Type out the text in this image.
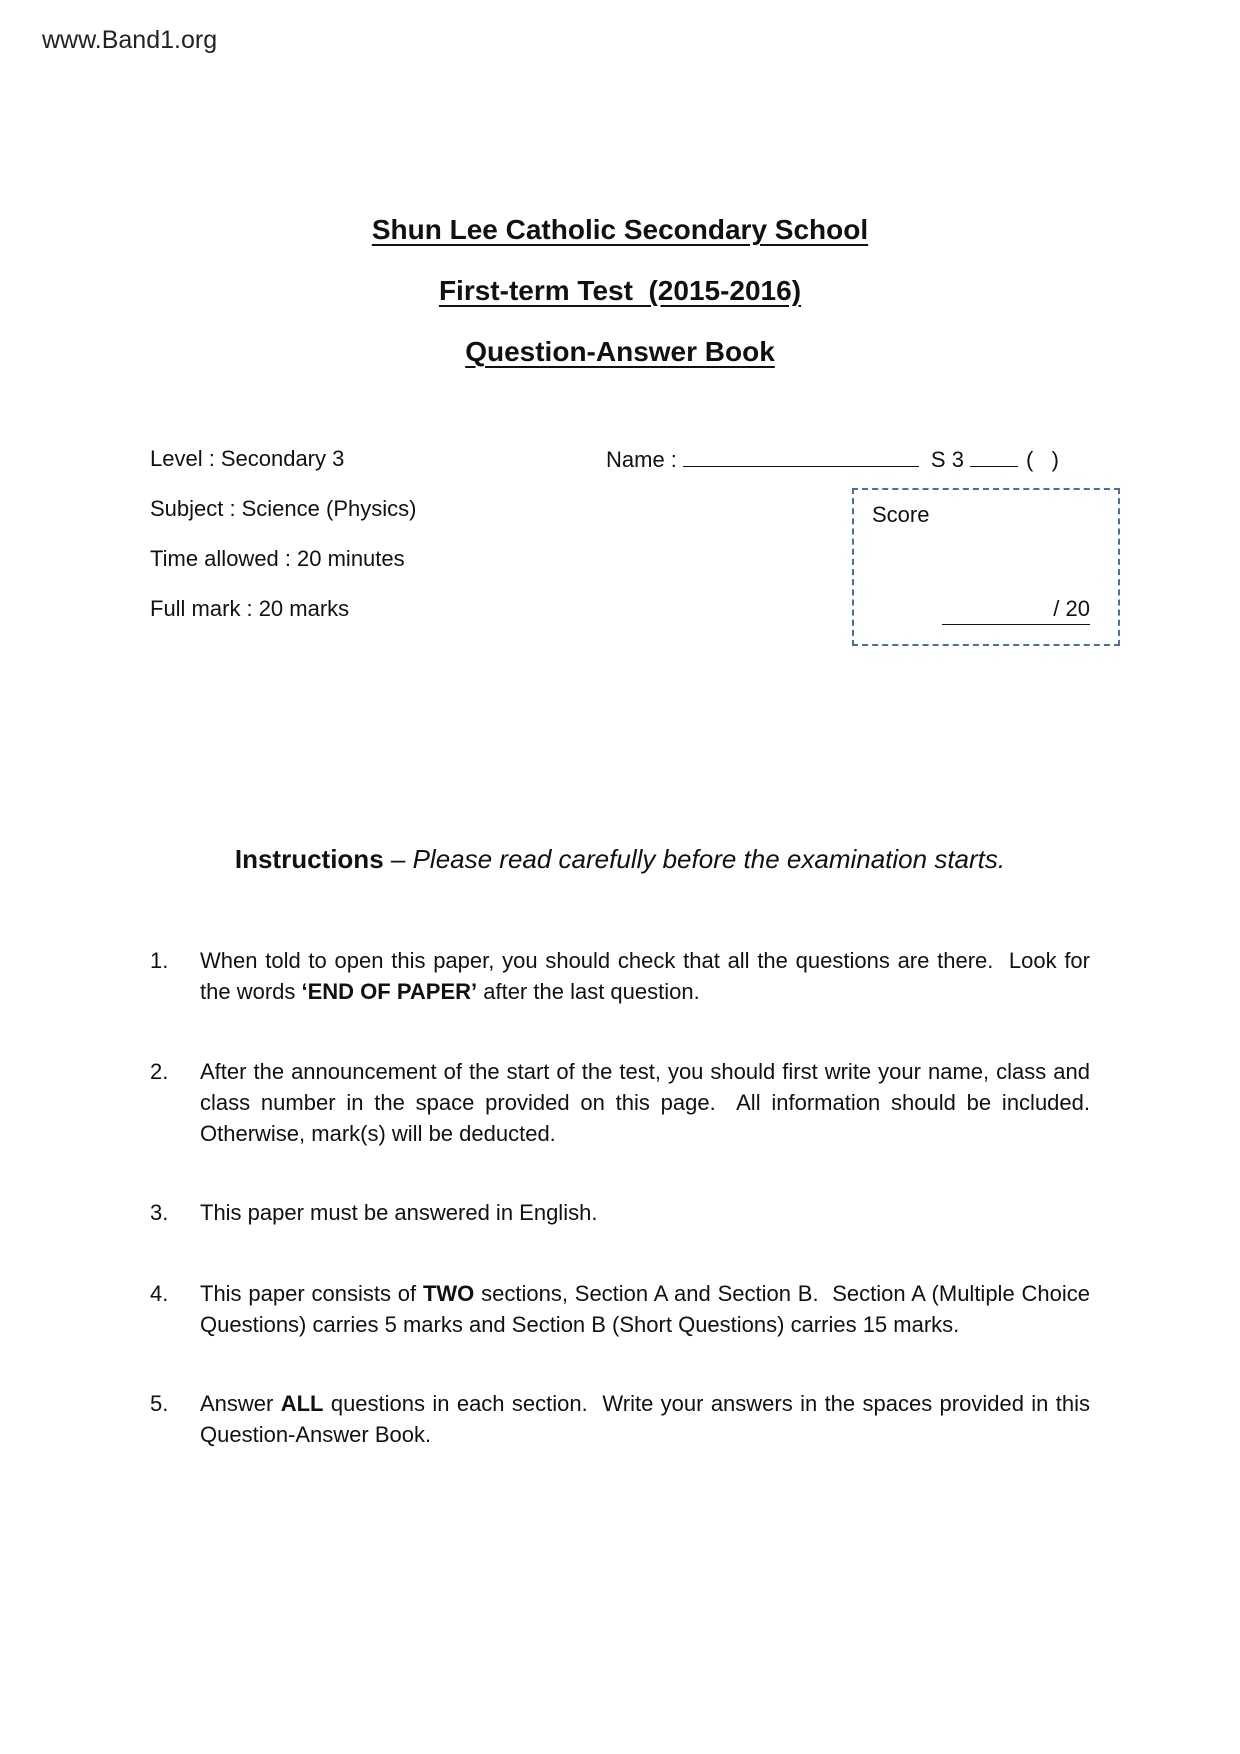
www.Band1.org
Shun Lee Catholic Secondary School
First-term Test  (2015-2016)
Question-Answer Book
Level : Secondary 3
Subject : Science (Physics)
Time allowed : 20 minutes
Full mark : 20 marks
Name :	S 3	(   )
Score
/ 20
Instructions – Please read carefully before the examination starts.
1.	When told to open this paper, you should check that all the questions are there.  Look for the words ‘END OF PAPER’ after the last question.
2.	After the announcement of the start of the test, you should first write your name, class and class number in the space provided on this page.  All information should be included.  Otherwise, mark(s) will be deducted.
3.	This paper must be answered in English.
4.	This paper consists of TWO sections, Section A and Section B.  Section A (Multiple Choice Questions) carries 5 marks and Section B (Short Questions) carries 15 marks.
5.	Answer ALL questions in each section.  Write your answers in the spaces provided in this Question-Answer Book.
